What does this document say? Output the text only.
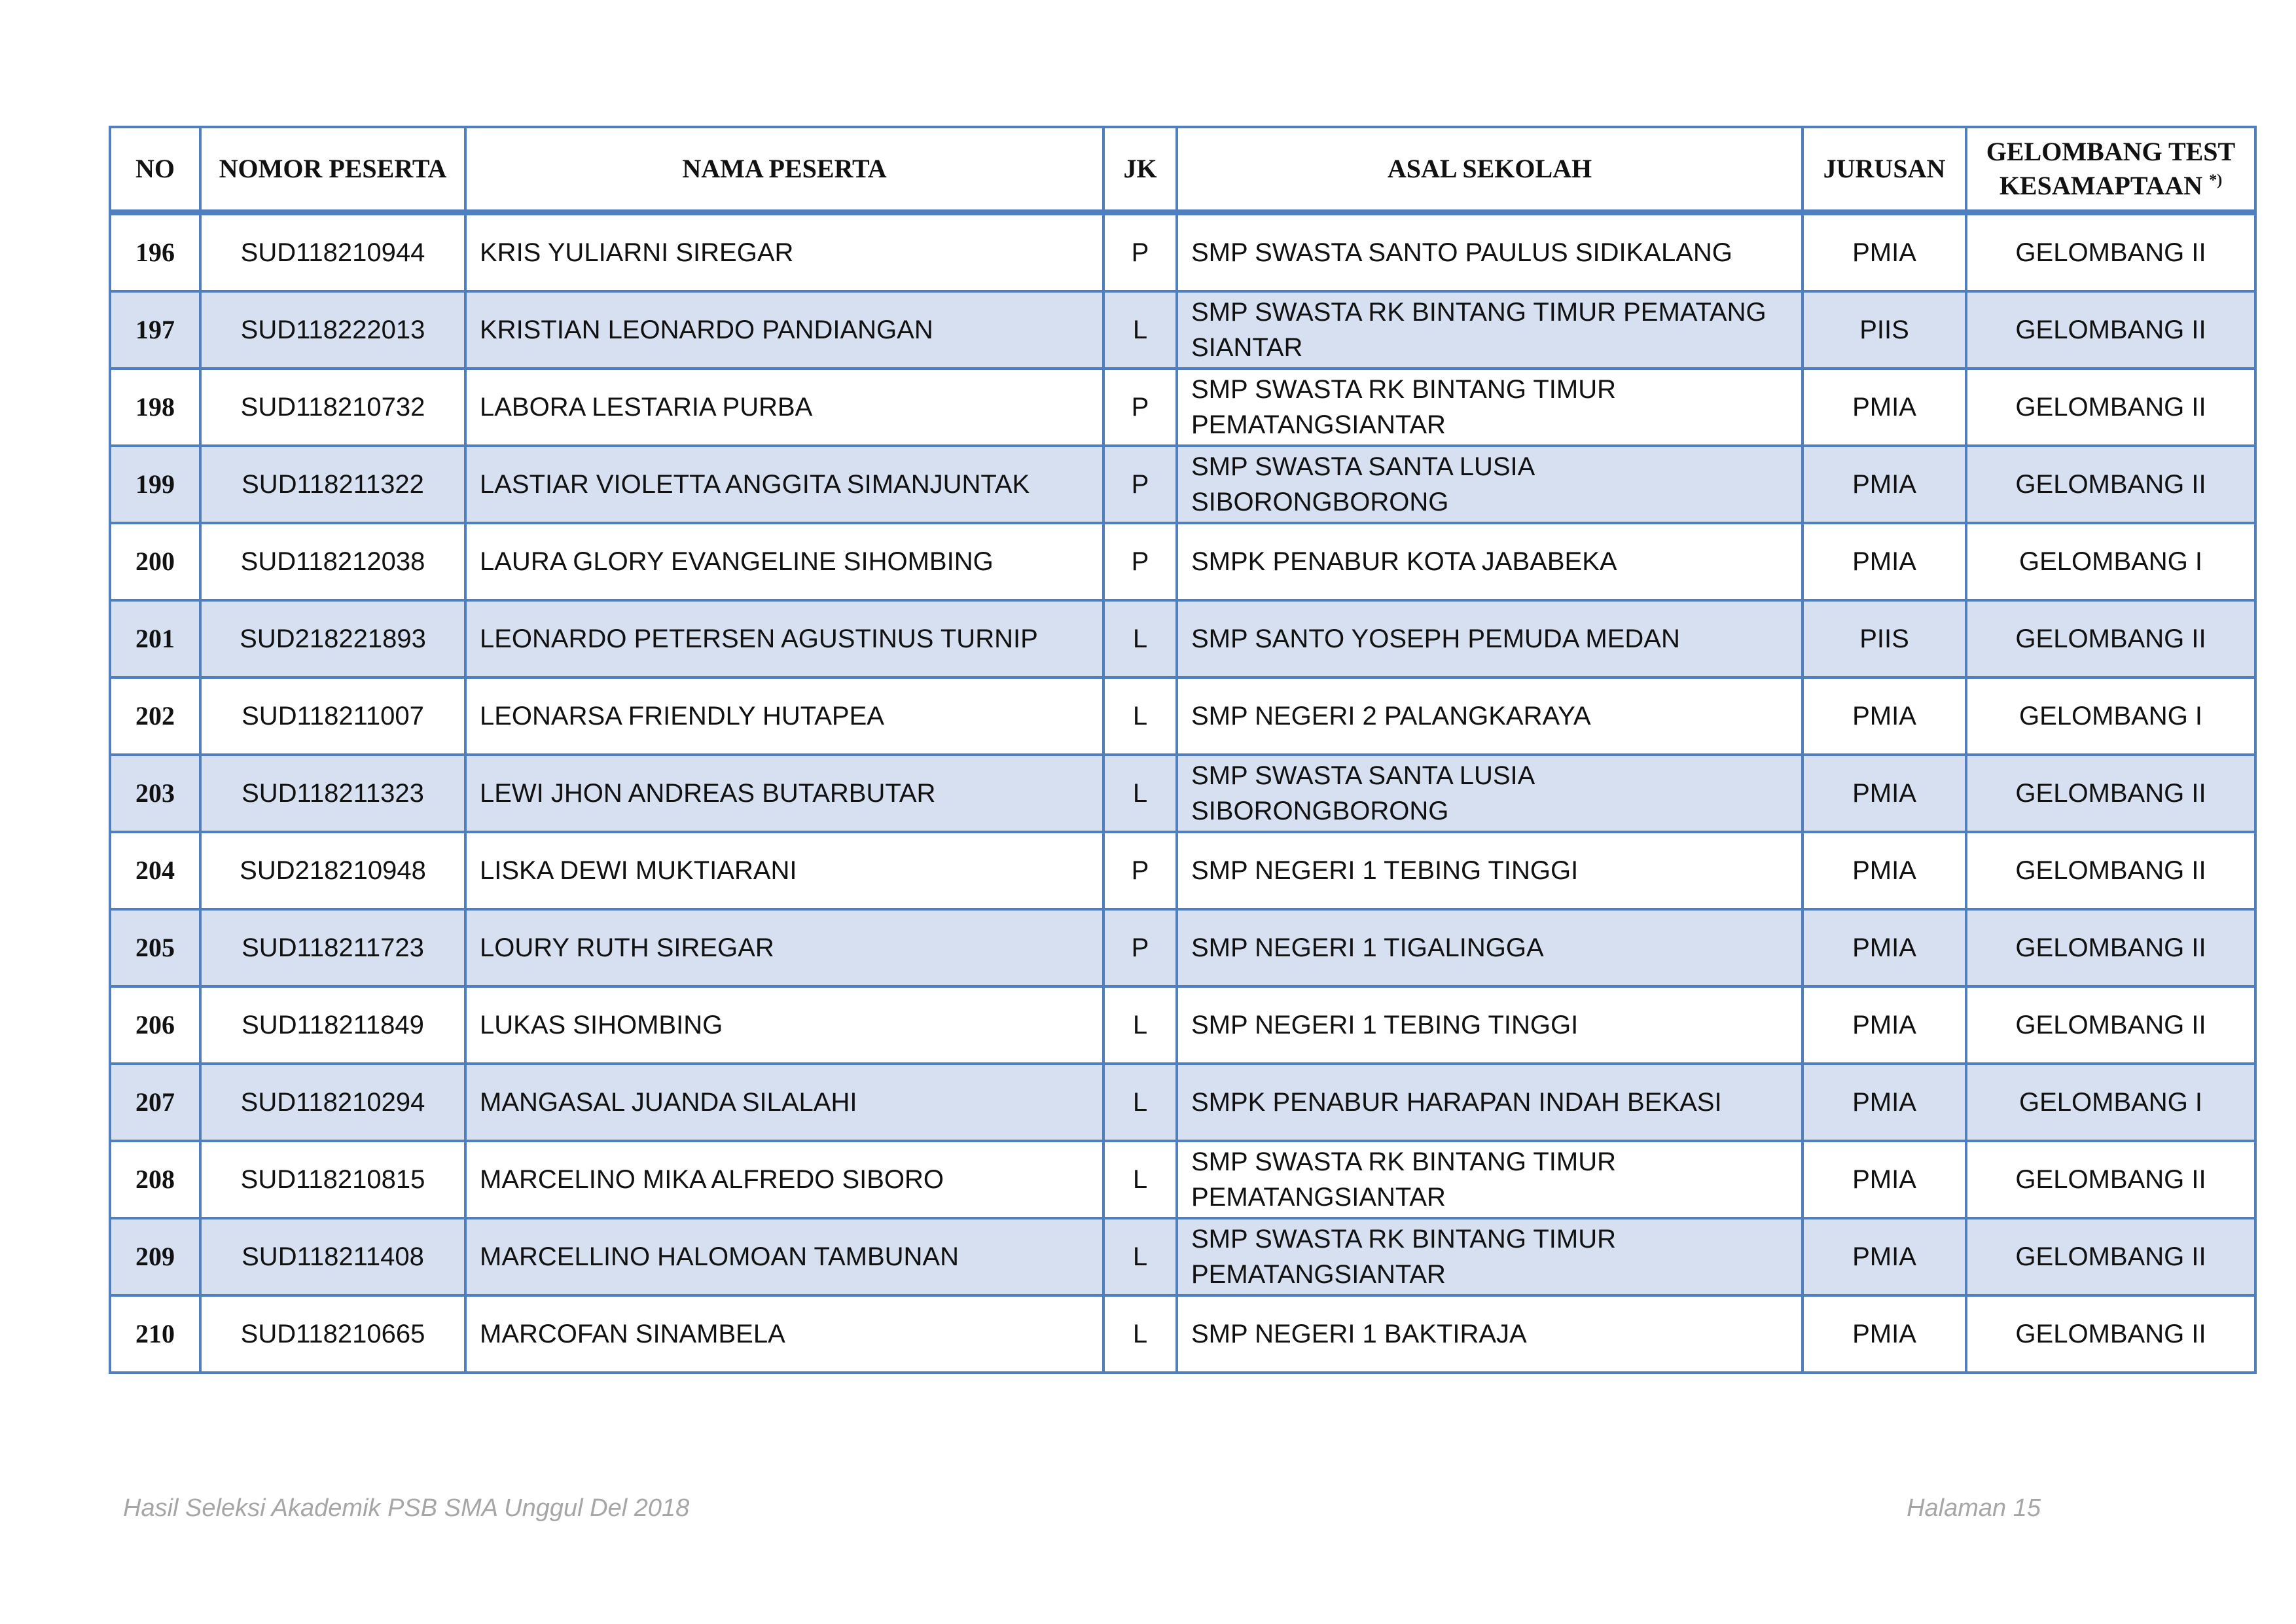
NO	NOMOR PESERTA	NAMA PESERTA	JK	ASAL SEKOLAH	JURUSAN	GELOMBANG TEST KESAMAPTAAN *)
196	SUD118210944	KRIS YULIARNI SIREGAR	P	SMP SWASTA SANTO PAULUS SIDIKALANG	PMIA	GELOMBANG II
197	SUD118222013	KRISTIAN LEONARDO PANDIANGAN	L	SMP SWASTA RK BINTANG TIMUR PEMATANG SIANTAR	PIIS	GELOMBANG II
198	SUD118210732	LABORA LESTARIA PURBA	P	SMP SWASTA RK BINTANG TIMUR PEMATANGSIANTAR	PMIA	GELOMBANG II
199	SUD118211322	LASTIAR VIOLETTA ANGGITA SIMANJUNTAK	P	SMP SWASTA SANTA LUSIA SIBORONGBORONG	PMIA	GELOMBANG II
200	SUD118212038	LAURA GLORY EVANGELINE SIHOMBING	P	SMPK PENABUR KOTA JABABEKA	PMIA	GELOMBANG I
201	SUD218221893	LEONARDO PETERSEN AGUSTINUS TURNIP	L	SMP SANTO YOSEPH PEMUDA MEDAN	PIIS	GELOMBANG II
202	SUD118211007	LEONARSA FRIENDLY HUTAPEA	L	SMP NEGERI 2 PALANGKARAYA	PMIA	GELOMBANG I
203	SUD118211323	LEWI JHON ANDREAS BUTARBUTAR	L	SMP SWASTA SANTA LUSIA SIBORONGBORONG	PMIA	GELOMBANG II
204	SUD218210948	LISKA DEWI MUKTIARANI	P	SMP NEGERI 1 TEBING TINGGI	PMIA	GELOMBANG II
205	SUD118211723	LOURY RUTH SIREGAR	P	SMP NEGERI 1 TIGALINGGA	PMIA	GELOMBANG II
206	SUD118211849	LUKAS SIHOMBING	L	SMP NEGERI 1 TEBING TINGGI	PMIA	GELOMBANG II
207	SUD118210294	MANGASAL JUANDA SILALAHI	L	SMPK PENABUR HARAPAN INDAH BEKASI	PMIA	GELOMBANG I
208	SUD118210815	MARCELINO MIKA ALFREDO SIBORO	L	SMP SWASTA RK BINTANG TIMUR PEMATANGSIANTAR	PMIA	GELOMBANG II
209	SUD118211408	MARCELLINO HALOMOAN TAMBUNAN	L	SMP SWASTA RK BINTANG TIMUR PEMATANGSIANTAR	PMIA	GELOMBANG II
210	SUD118210665	MARCOFAN SINAMBELA	L	SMP NEGERI 1 BAKTIRAJA	PMIA	GELOMBANG II
Hasil Seleksi Akademik PSB SMA Unggul Del 2018	Halaman 15
